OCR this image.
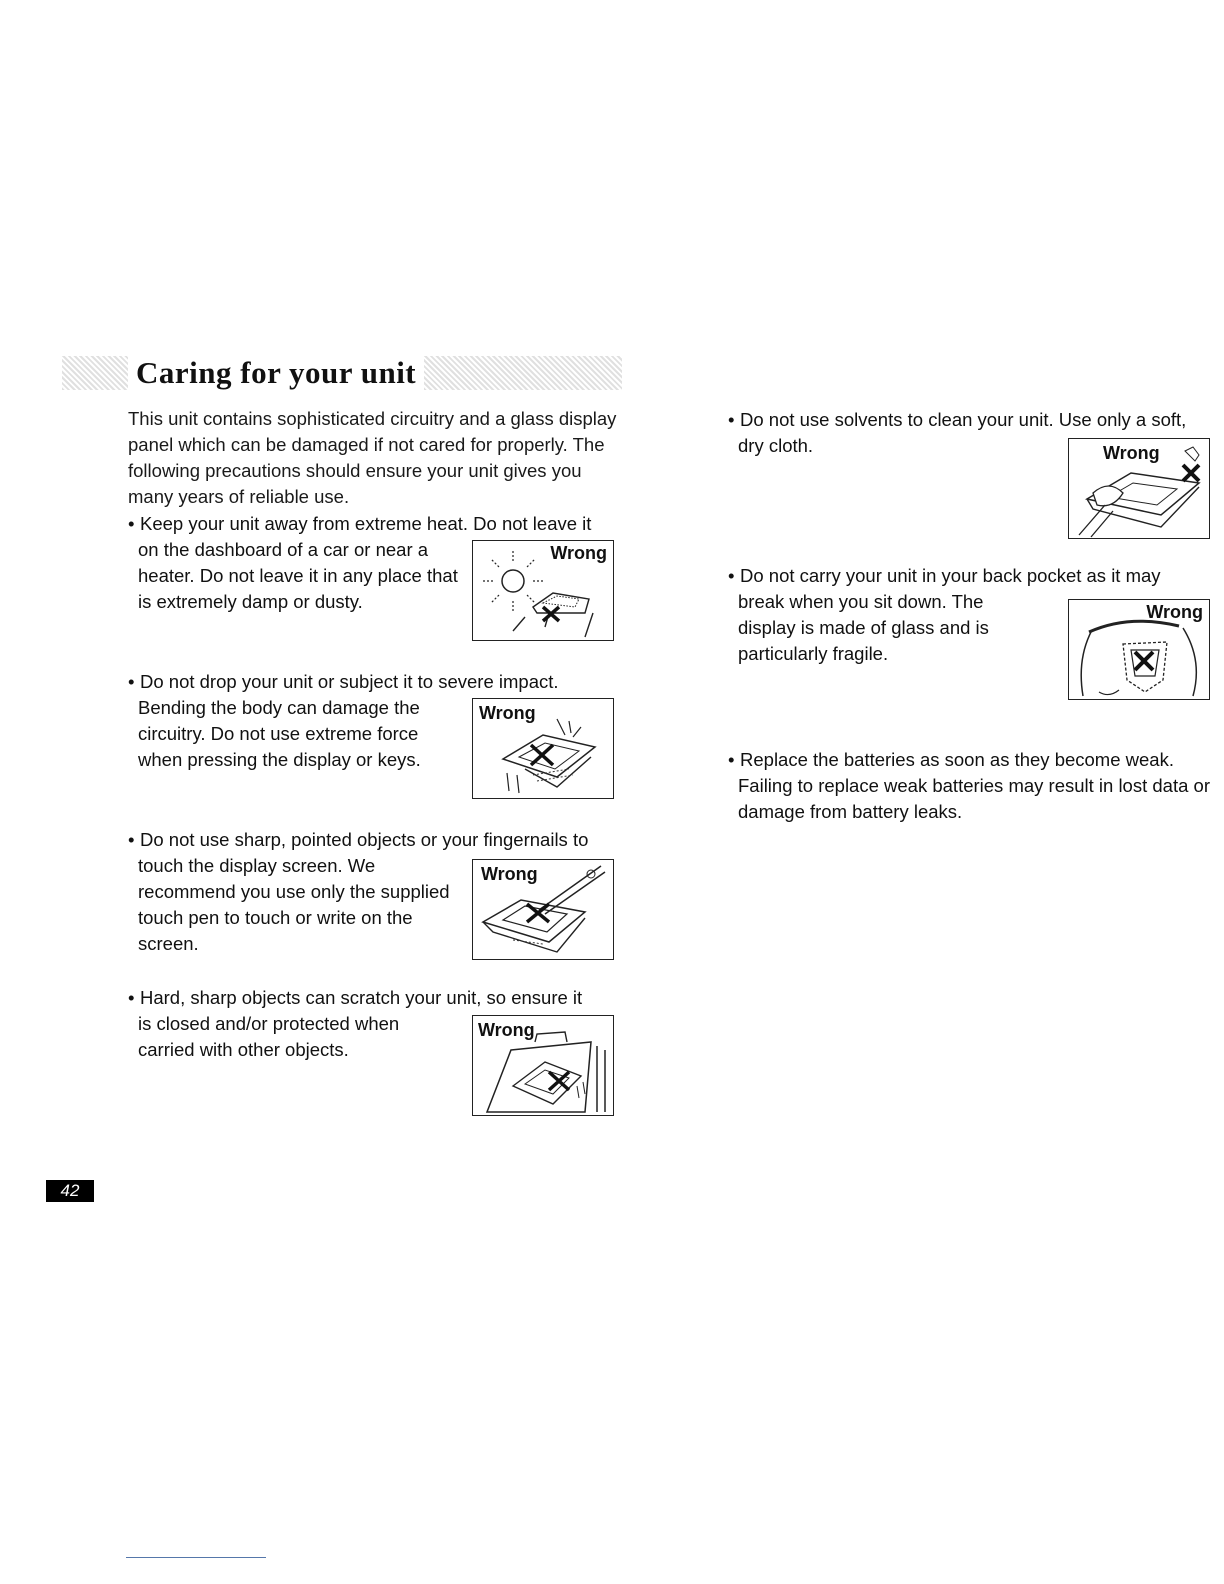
Caring for your unit

This unit contains sophisticated circuitry and a glass display panel which can be damaged if not cared for properly. The following precautions should ensure your unit gives you many years of reliable use.

• Keep your unit away from extreme heat. Do not leave it
on the dashboard of a car or near a heater. Do not leave it in any place that is extremely damp or dusty.
Wrong
• Do not drop your unit or subject it to severe impact.
Bending the body can damage the circuitry. Do not use extreme force when pressing the display or keys.
Wrong
• Do not use sharp, pointed objects or your fingernails to
touch the display screen. We recommend you use only the supplied touch pen to touch or write on the screen.
Wrong
• Hard, sharp objects can scratch your unit, so ensure it
is closed and/or protected when carried with other objects.
Wrong
• Do not use solvents to clean your unit. Use only a soft,
dry cloth.	Wrong
• Do not carry your unit in your back pocket as it may
break when you sit down. The display is made of glass and is particularly fragile.
Wrong
• Replace the batteries as soon as they become weak.
Failing to replace weak batteries may result in lost data or damage from battery leaks.
42
